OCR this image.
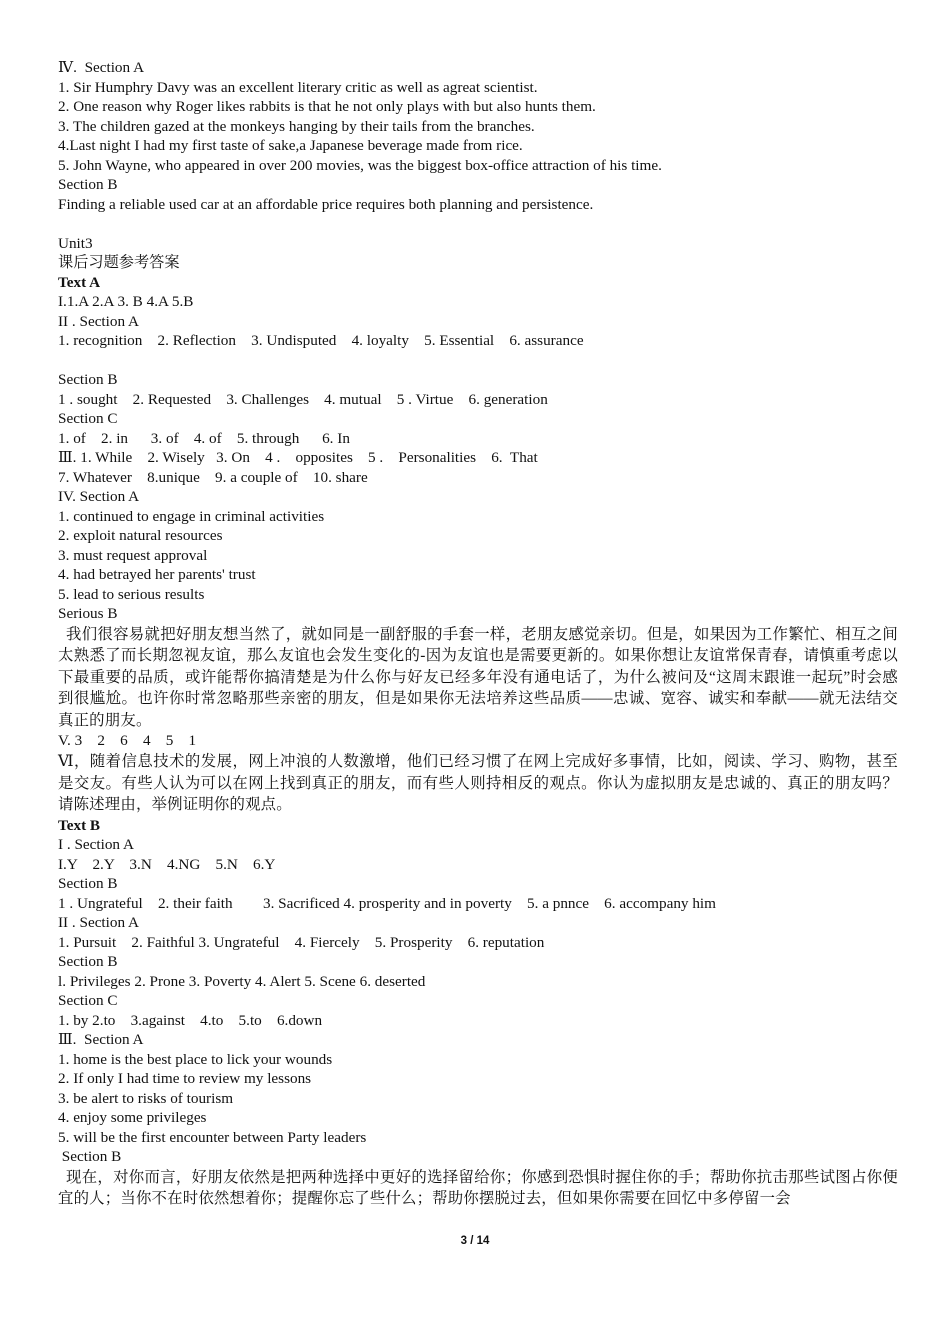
Ⅳ.  Section A
1. Sir Humphry Davy was an excellent literary critic as well as agreat scientist.
2. One reason why Roger likes rabbits is that he not only plays with but also hunts them.
3. The children gazed at the monkeys hanging by their tails from the branches.
4.Last night I had my first taste of sake,a Japanese beverage made from rice.
5. John Wayne, who appeared in over 200 movies, was the biggest box-office attraction of his time.
Section B
Finding a reliable used car at an affordable price requires both planning and persistence.
Unit3
课后习题参考答案
Text A
I.1.A 2.A 3. B 4.A 5.B
II . Section A
1. recognition    2. Reflection    3. Undisputed    4. loyalty    5. Essential    6. assurance
Section B
1 . sought    2. Requested    3. Challenges    4. mutual    5 . Virtue    6. generation
Section C
1. of    2. in      3. of    4. of    5. through      6. In
Ⅲ. 1. While    2. Wisely   3. On    4 .    opposites    5 .    Personalities    6.  That
7. Whatever    8.unique    9. a couple of    10. share
IV. Section A
1. continued to engage in criminal activities
2. exploit natural resources
3. must request approval
4. had betrayed her parents' trust
5. lead to serious results
Serious B
我们很容易就把好朋友想当然了，就如同是一副舒服的手套一样，老朋友感觉亲切。但是，如果因为工作繁忙、相互之间太熟悉了而长期忽视友谊，那么友谊也会发生变化的-因为友谊也是需要更新的。如果你想让友谊常保青春，请慎重考虑以下最重要的品质，或许能帮你搞清楚是为什么你与好友已经多年没有通电话了，为什么被问及“这周末跟谁一起玩”时会感到很尴尬。也许你时常忽略那些亲密的朋友，但是如果你无法培养这些品质——忠诚、宽容、诚实和奉献——就无法结交真正的朋友。
V. 3    2    6    4    5    1
Ⅵ，随着信息技术的发展，网上冲浪的人数激增，他们已经习惯了在网上完成好多事情，比如，阅读、学习、购物，甚至是交友。有些人认为可以在网上找到真正的朋友，而有些人则持相反的观点。你认为虚拟朋友是忠诚的、真正的朋友吗？请陈述理由，举例证明你的观点。
Text B
I . Section A
I.Y    2.Y    3.N    4.NG    5.N    6.Y
Section B
1 . Ungrateful    2. their faith        3. Sacrificed 4. prosperity and in poverty    5. a pnnce    6. accompany him
II . Section A
1. Pursuit    2. Faithful 3. Ungrateful    4. Fiercely    5. Prosperity    6. reputation
Section B
l. Privileges 2. Prone 3. Poverty 4. Alert 5. Scene 6. deserted
Section C
1. by 2.to    3.against    4.to    5.to    6.down
Ⅲ.  Section A
1. home is the best place to lick your wounds
2. If only I had time to review my lessons
3. be alert to risks of tourism
4. enjoy some privileges
5. will be the first encounter between Party leaders
Section B
现在，对你而言，好朋友依然是把两种选择中更好的选择留给你；你感到恐惧时握住你的手；帮助你抗击那些试图占你便宜的人；当你不在时依然想着你；提醒你忘了些什么；帮助你摆脱过去，但如果你需要在回忆中多停留一会
3 / 14
